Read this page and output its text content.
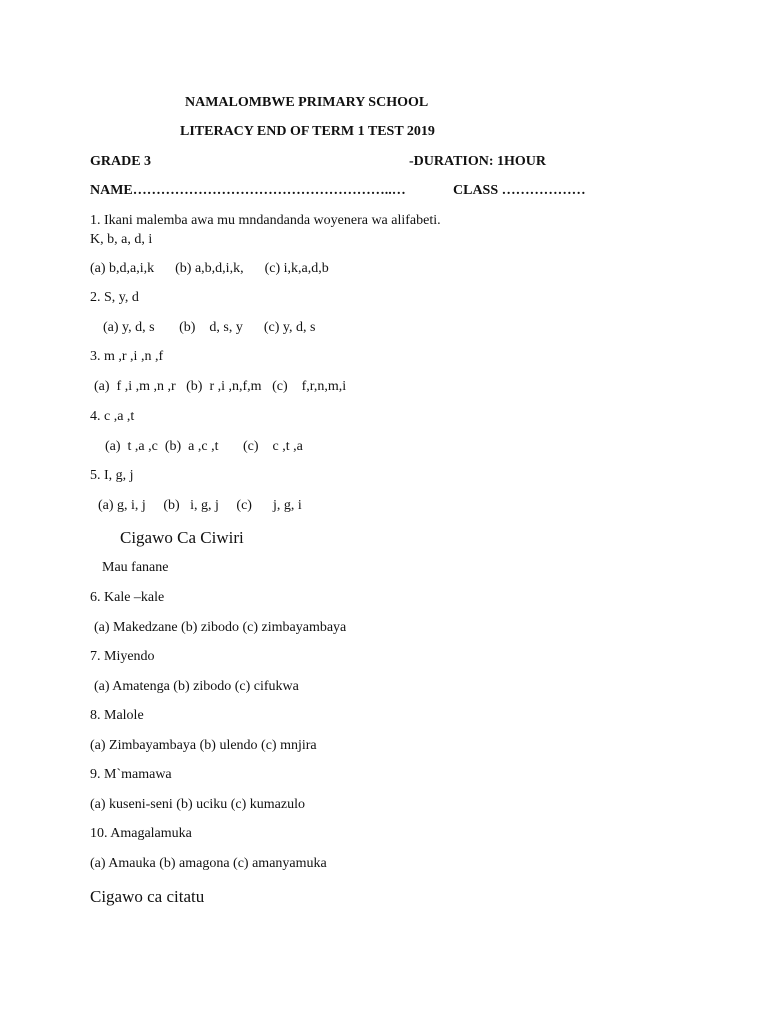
NAMALOMBWE PRIMARY SCHOOL
LITERACY END OF TERM 1 TEST 2019
GRADE 3	-DURATION: 1HOUR
NAME………………………………………………..…	CLASS ………………
1. Ikani malemba awa mu mndandanda woyenera wa alifabeti.
K, b, a, d, i
(a) b,d,a,i,k      (b) a,b,d,i,k,      (c) i,k,a,d,b
2. S, y, d
(a) y, d, s       (b)    d, s, y      (c) y, d, s
3. m ,r ,i ,n ,f
(a)  f ,i ,m ,n ,r   (b)  r ,i ,n,f,m   (c)    f,r,n,m,i
4. c ,a ,t
(a)  t ,a ,c  (b)  a ,c ,t       (c)    c ,t ,a
5. I, g, j
(a) g, i, j     (b)   i, g, j     (c)      j, g, i
Cigawo Ca Ciwiri
Mau fanane
6. Kale –kale
(a) Makedzane (b) zibodo (c) zimbayambaya
7. Miyendo
(a) Amatenga (b) zibodo (c) cifukwa
8. Malole
(a) Zimbayambaya (b) ulendo (c) mnjira
9. M`mamawa
(a) kuseni-seni (b) uciku (c) kumazulo
10. Amagalamuka
(a) Amauka (b) amagona (c) amanyamuka
Cigawo ca citatu
